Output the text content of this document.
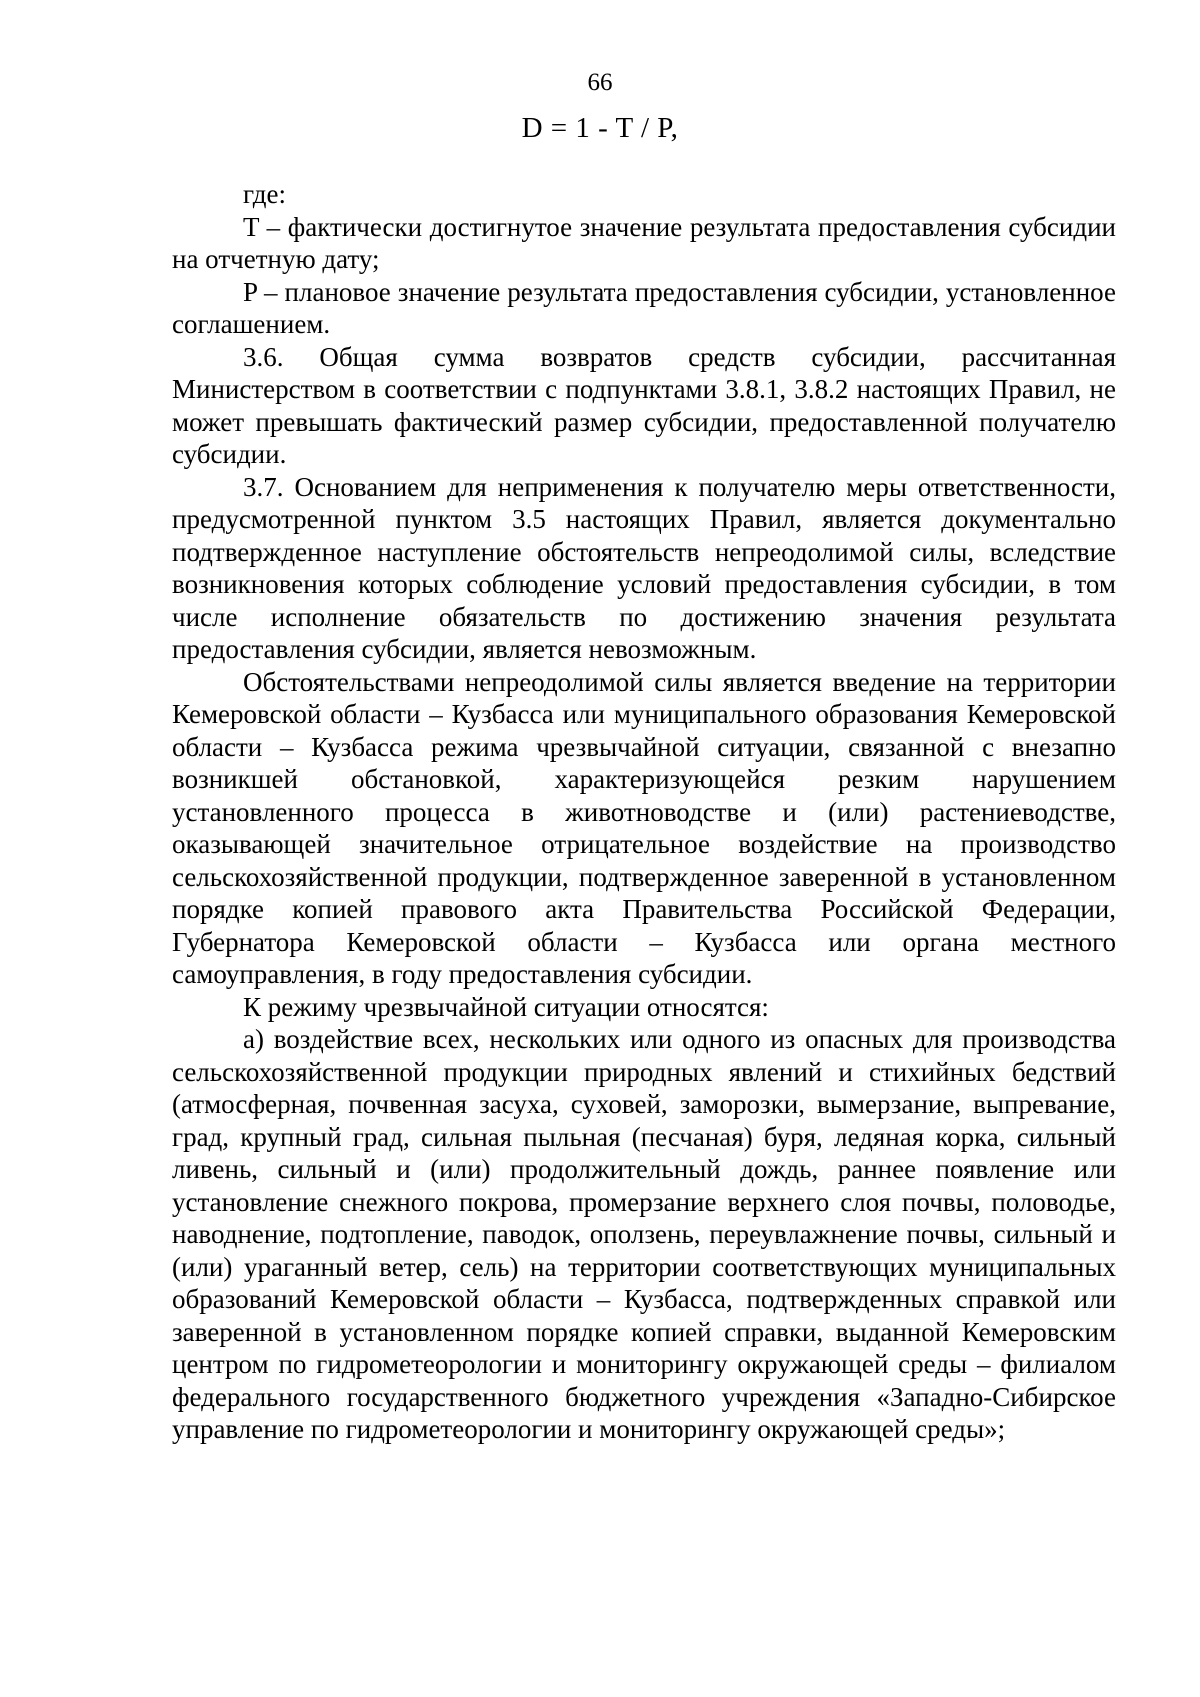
66
D = 1 - T / P,

где:

T – фактически достигнутое значение результата предоставления субсидии на отчетную дату;

P – плановое значение результата предоставления субсидии, установленное соглашением.

3.6. Общая сумма возвратов средств субсидии, рассчитанная Министерством в соответствии с подпунктами 3.8.1, 3.8.2 настоящих Правил, не может превышать фактический размер субсидии, предоставленной получателю субсидии.

3.7. Основанием для неприменения к получателю меры ответственности, предусмотренной пунктом 3.5 настоящих Правил, является документально подтвержденное наступление обстоятельств непреодолимой силы, вследствие возникновения которых соблюдение условий предоставления субсидии, в том числе исполнение обязательств по достижению значения результата предоставления субсидии, является невозможным.

Обстоятельствами непреодолимой силы является введение на территории Кемеровской области – Кузбасса или муниципального образования Кемеровской области – Кузбасса режима чрезвычайной ситуации, связанной с внезапно возникшей обстановкой, характеризующейся резким нарушением установленного процесса в животноводстве и (или) растениеводстве, оказывающей значительное отрицательное воздействие на производство сельскохозяйственной продукции, подтвержденное заверенной в установленном порядке копией правового акта Правительства Российской Федерации, Губернатора Кемеровской области – Кузбасса или органа местного самоуправления, в году предоставления субсидии.

К режиму чрезвычайной ситуации относятся:

а) воздействие всех, нескольких или одного из опасных для производства сельскохозяйственной продукции природных явлений и стихийных бедствий (атмосферная, почвенная засуха, суховей, заморозки, вымерзание, выпревание, град, крупный град, сильная пыльная (песчаная) буря, ледяная корка, сильный ливень, сильный и (или) продолжительный дождь, раннее появление или установление снежного покрова, промерзание верхнего слоя почвы, половодье, наводнение, подтопление, паводок, оползень, переувлажнение почвы, сильный и (или) ураганный ветер, сель) на территории соответствующих муниципальных образований Кемеровской области – Кузбасса, подтвержденных справкой или заверенной в установленном порядке копией справки, выданной Кемеровским центром по гидрометеорологии и мониторингу окружающей среды – филиалом федерального государственного бюджетного учреждения «Западно-Сибирское управление по гидрометеорологии и мониторингу окружающей среды»;
